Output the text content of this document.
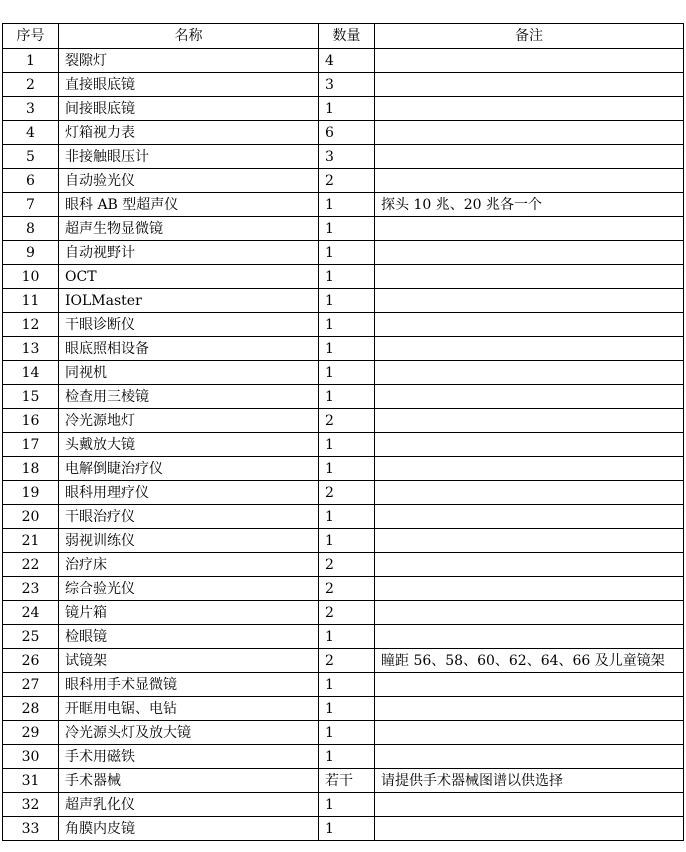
序号	名称	数量	备注
1	裂隙灯	4	
2	直接眼底镜	3	
3	间接眼底镜	1	
4	灯箱视力表	6	
5	非接触眼压计	3	
6	自动验光仪	2	
7	眼科 AB 型超声仪	1	探头 10 兆、20 兆各一个
8	超声生物显微镜	1	
9	自动视野计	1	
10	OCT	1	
11	IOLMaster	1	
12	干眼诊断仪	1	
13	眼底照相设备	1	
14	同视机	1	
15	检查用三棱镜	1	
16	冷光源地灯	2	
17	头戴放大镜	1	
18	电解倒睫治疗仪	1	
19	眼科用理疗仪	2	
20	干眼治疗仪	1	
21	弱视训练仪	1	
22	治疗床	2	
23	综合验光仪	2	
24	镜片箱	2	
25	检眼镜	1	
26	试镜架	2	瞳距 56、58、60、62、64、66 及儿童镜架
27	眼科用手术显微镜	1	
28	开眶用电锯、电钻	1	
29	冷光源头灯及放大镜	1	
30	手术用磁铁	1	
31	手术器械	若干	请提供手术器械图谱以供选择
32	超声乳化仪	1	
33	角膜内皮镜	1	
